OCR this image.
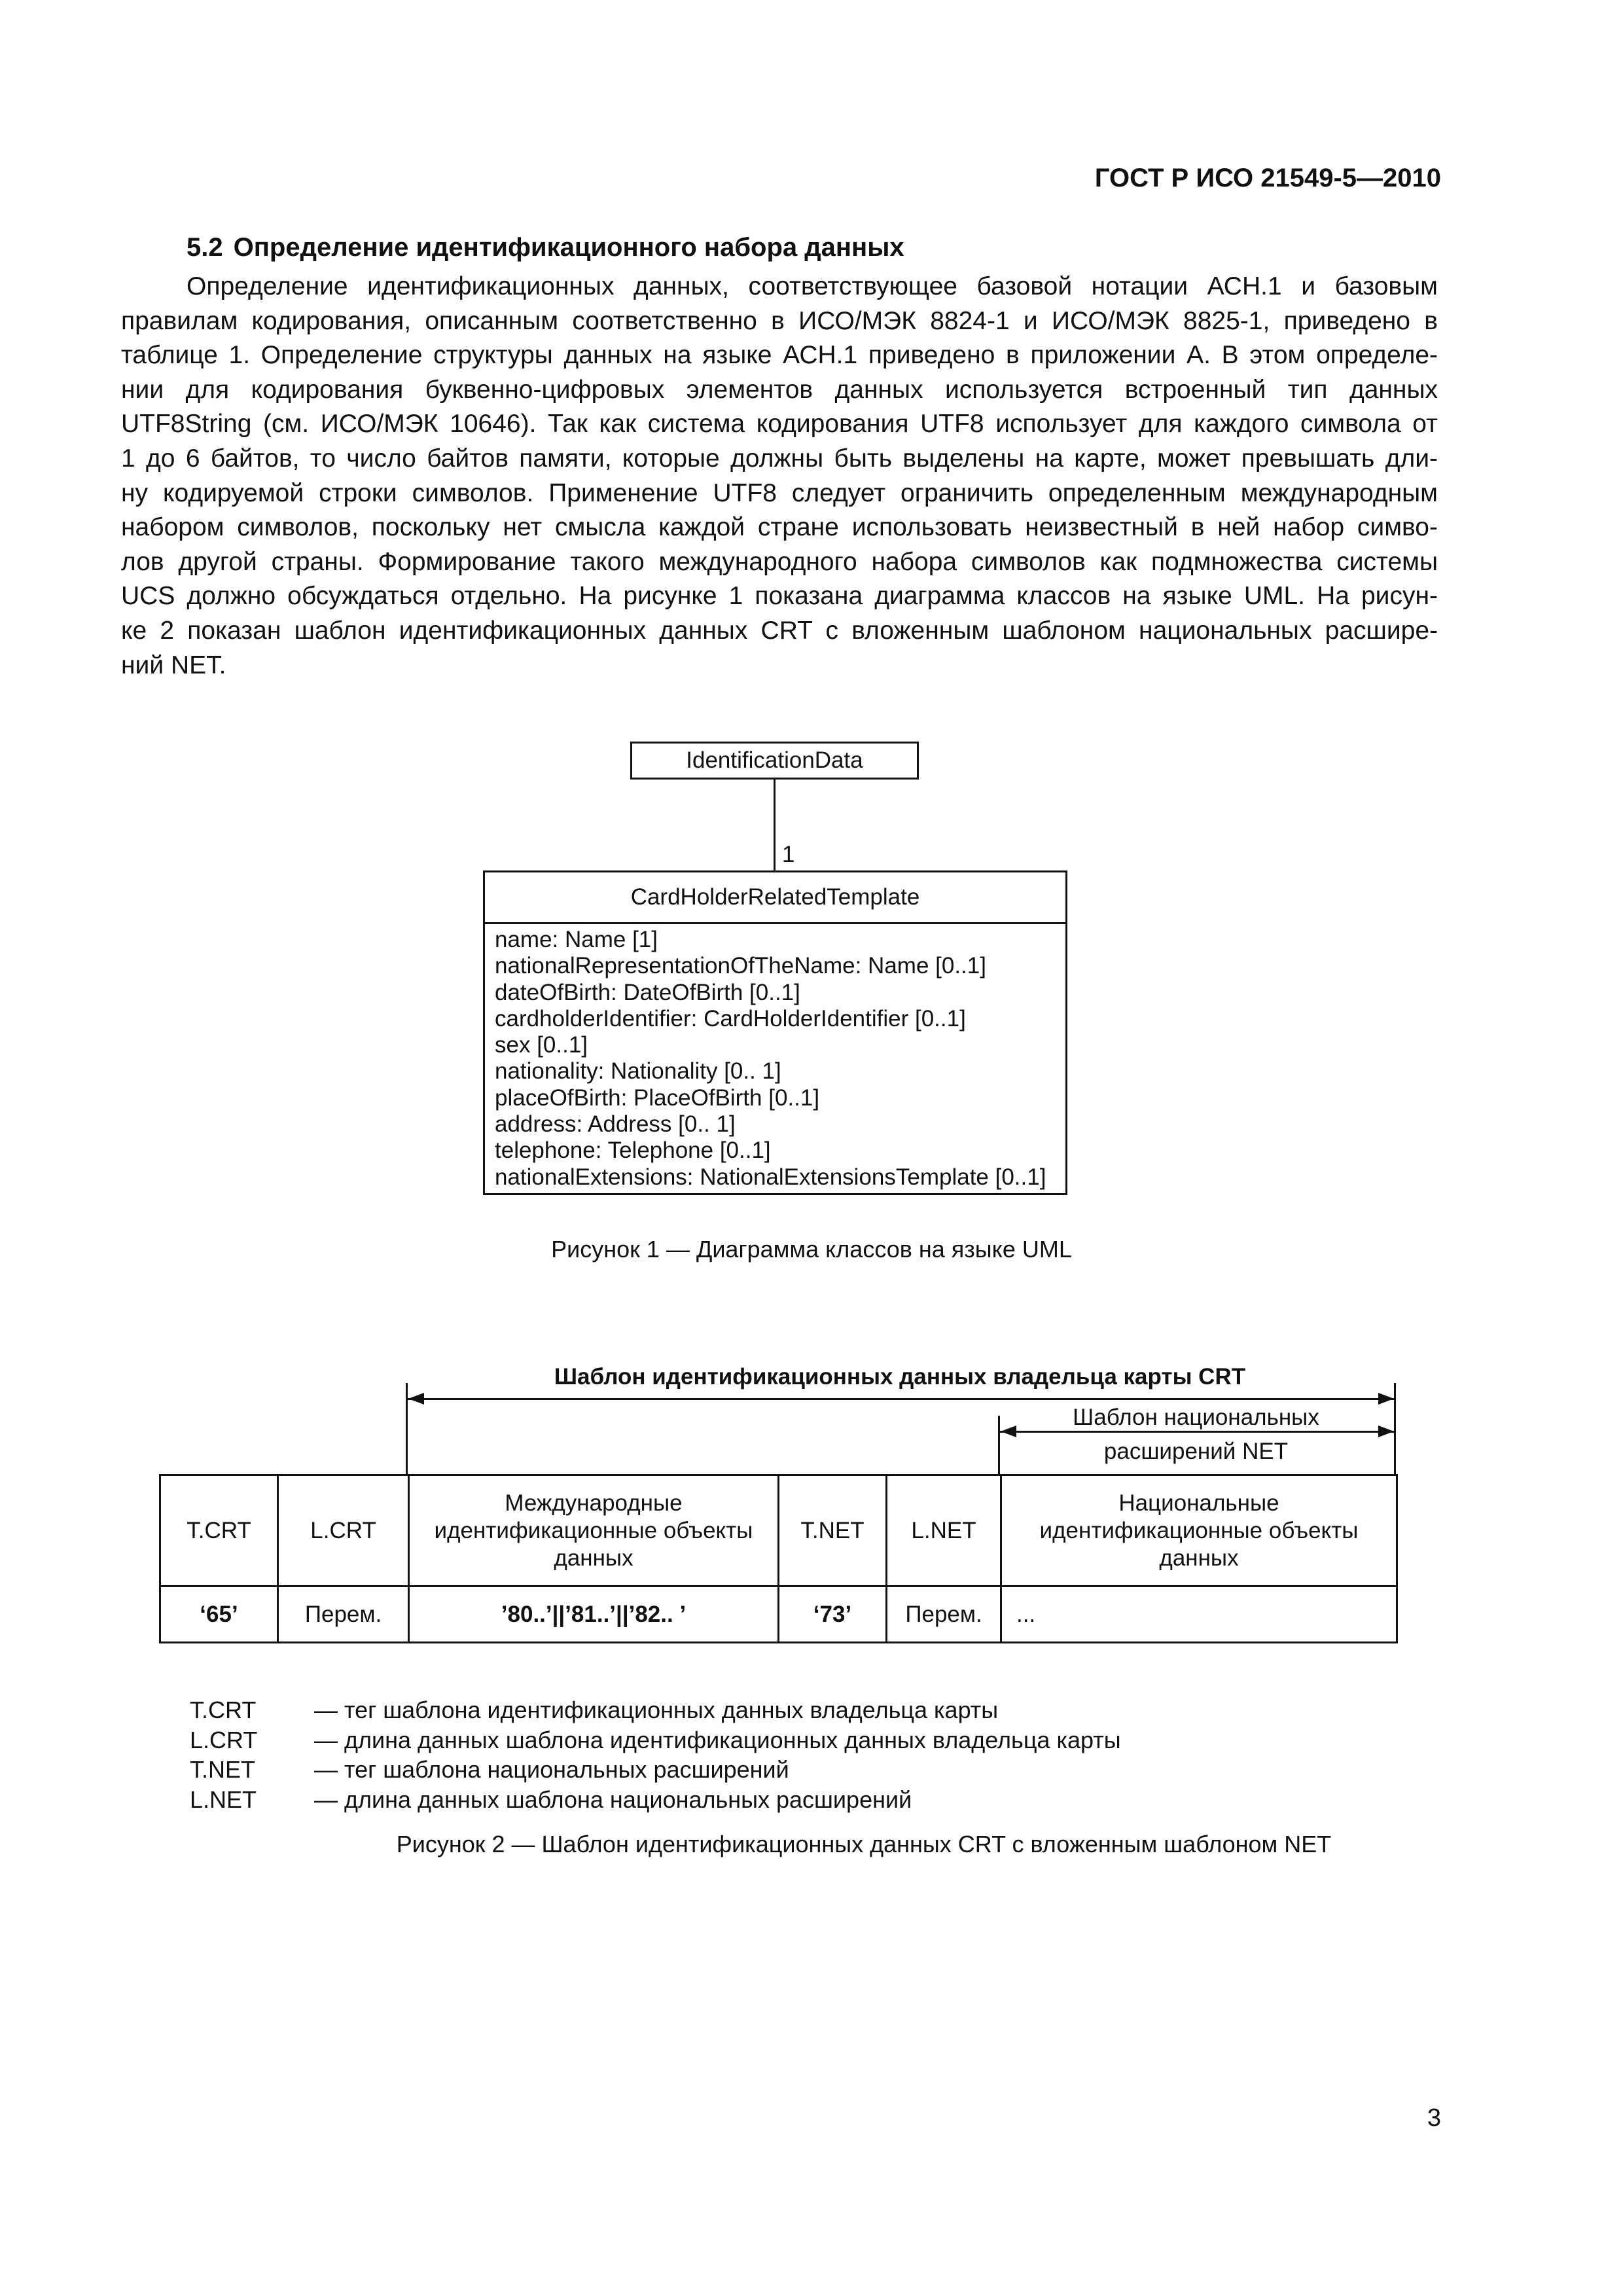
ГОСТ Р ИСО 21549-5—2010
5.2 Определение идентификационного набора данных
Определение идентификационных данных, соответствующее базовой нотации АСН.1 и базовым
правилам кодирования, описанным соответственно в ИСО/МЭК 8824-1 и ИСО/МЭК 8825-1, приведено в
таблице 1. Определение структуры данных на языке АСН.1 приведено в приложении А. В этом определе-
нии для кодирования буквенно-цифровых элементов данных используется встроенный тип данных
UTF8String (см. ИСО/МЭК 10646). Так как система кодирования UTF8 использует для каждого символа от
1 до 6 байтов, то число байтов памяти, которые должны быть выделены на карте, может превышать дли-
ну кодируемой строки символов. Применение UTF8 следует ограничить определенным международным
набором символов, поскольку нет смысла каждой стране использовать неизвестный в ней набор симво-
лов другой страны. Формирование такого международного набора символов как подмножества системы
UCS должно обсуждаться отдельно. На рисунке 1 показана диаграмма классов на языке UML. На рисун-
ке 2 показан шаблон идентификационных данных CRT с вложенным шаблоном национальных расшире-
ний NET.
IdentificationData
1
CardHolderRelatedTemplate
name: Name [1]
nationalRepresentationOfTheName: Name [0..1]
dateOfBirth: DateOfBirth [0..1]
cardholderIdentifier: CardHolderIdentifier [0..1]
sex [0..1]
nationality: Nationality [0.. 1]
placeOfBirth: PlaceOfBirth [0..1]
address: Address [0.. 1]
telephone: Telephone [0..1]
nationalExtensions: NationalExtensionsTemplate [0..1]
Рисунок 1 — Диаграмма классов на языке UML
Шаблон идентификационных данных владельца карты CRT
Шаблон национальных
расширений NET
T.CRT	L.CRT	Международные идентификационные объекты данных	T.NET	L.NET	Национальные идентификационные объекты данных
‘65’	Перем.	’80..’||’81..’||’82.. ’	‘73’	Перем.	...
T.CRT	— тег шаблона идентификационных данных владельца карты
L.CRT	— длина данных шаблона идентификационных данных владельца карты
T.NET	— тег шаблона национальных расширений
L.NET	— длина данных шаблона национальных расширений
Рисунок 2 — Шаблон идентификационных данных CRT с вложенным шаблоном NET
3
